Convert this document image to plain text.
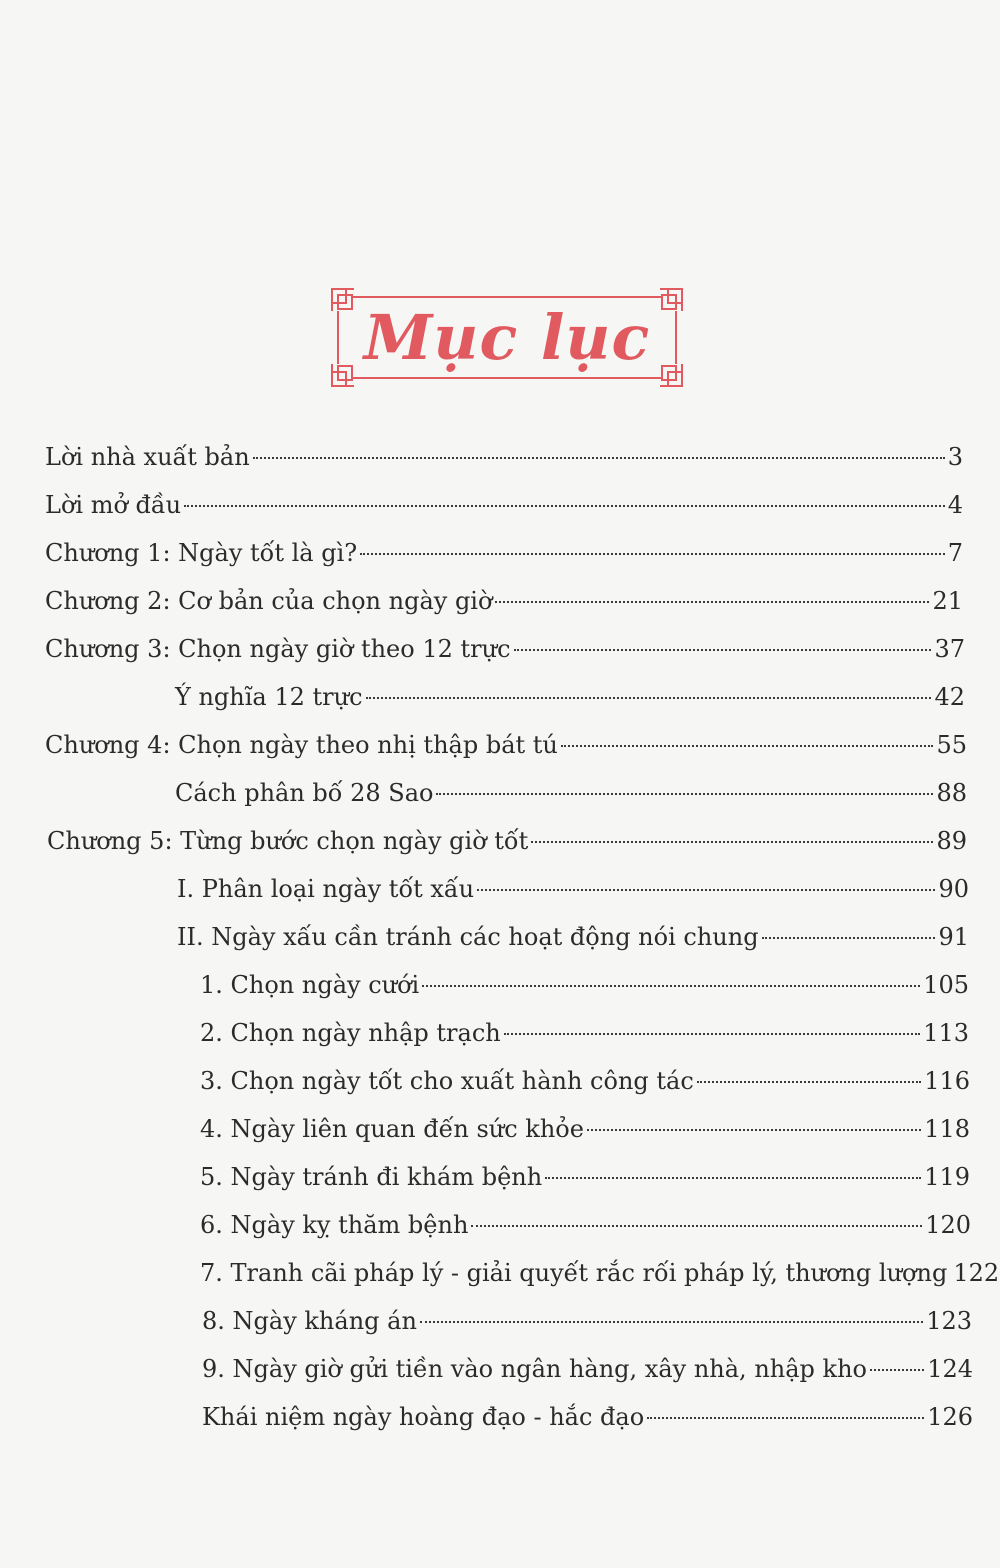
Mục lục
Lời nhà xuất bản	3
Lời mở đầu	4
Chương 1: Ngày tốt là gì?	7
Chương 2: Cơ bản của chọn ngày giờ	21
Chương 3: Chọn ngày giờ theo 12 trực	37
Ý nghĩa 12 trực	42
Chương 4: Chọn ngày theo nhị thập bát tú	55
Cách phân bố 28 Sao	88
Chương 5: Từng bước chọn ngày giờ tốt	89
I. Phân loại ngày tốt xấu	90
II. Ngày xấu cần tránh các hoạt động nói chung	91
1. Chọn ngày cưới	105
2. Chọn ngày nhập trạch	113
3. Chọn ngày tốt cho xuất hành công tác	116
4. Ngày liên quan đến sức khỏe	118
5. Ngày tránh đi khám bệnh	119
6. Ngày kỵ thăm bệnh	120
7. Tranh cãi pháp lý - giải quyết rắc rối pháp lý, thương lượng 122
8. Ngày kháng án	123
9. Ngày giờ gửi tiền vào ngân hàng, xây nhà, nhập kho	124
Khái niệm ngày hoàng đạo - hắc đạo	126
